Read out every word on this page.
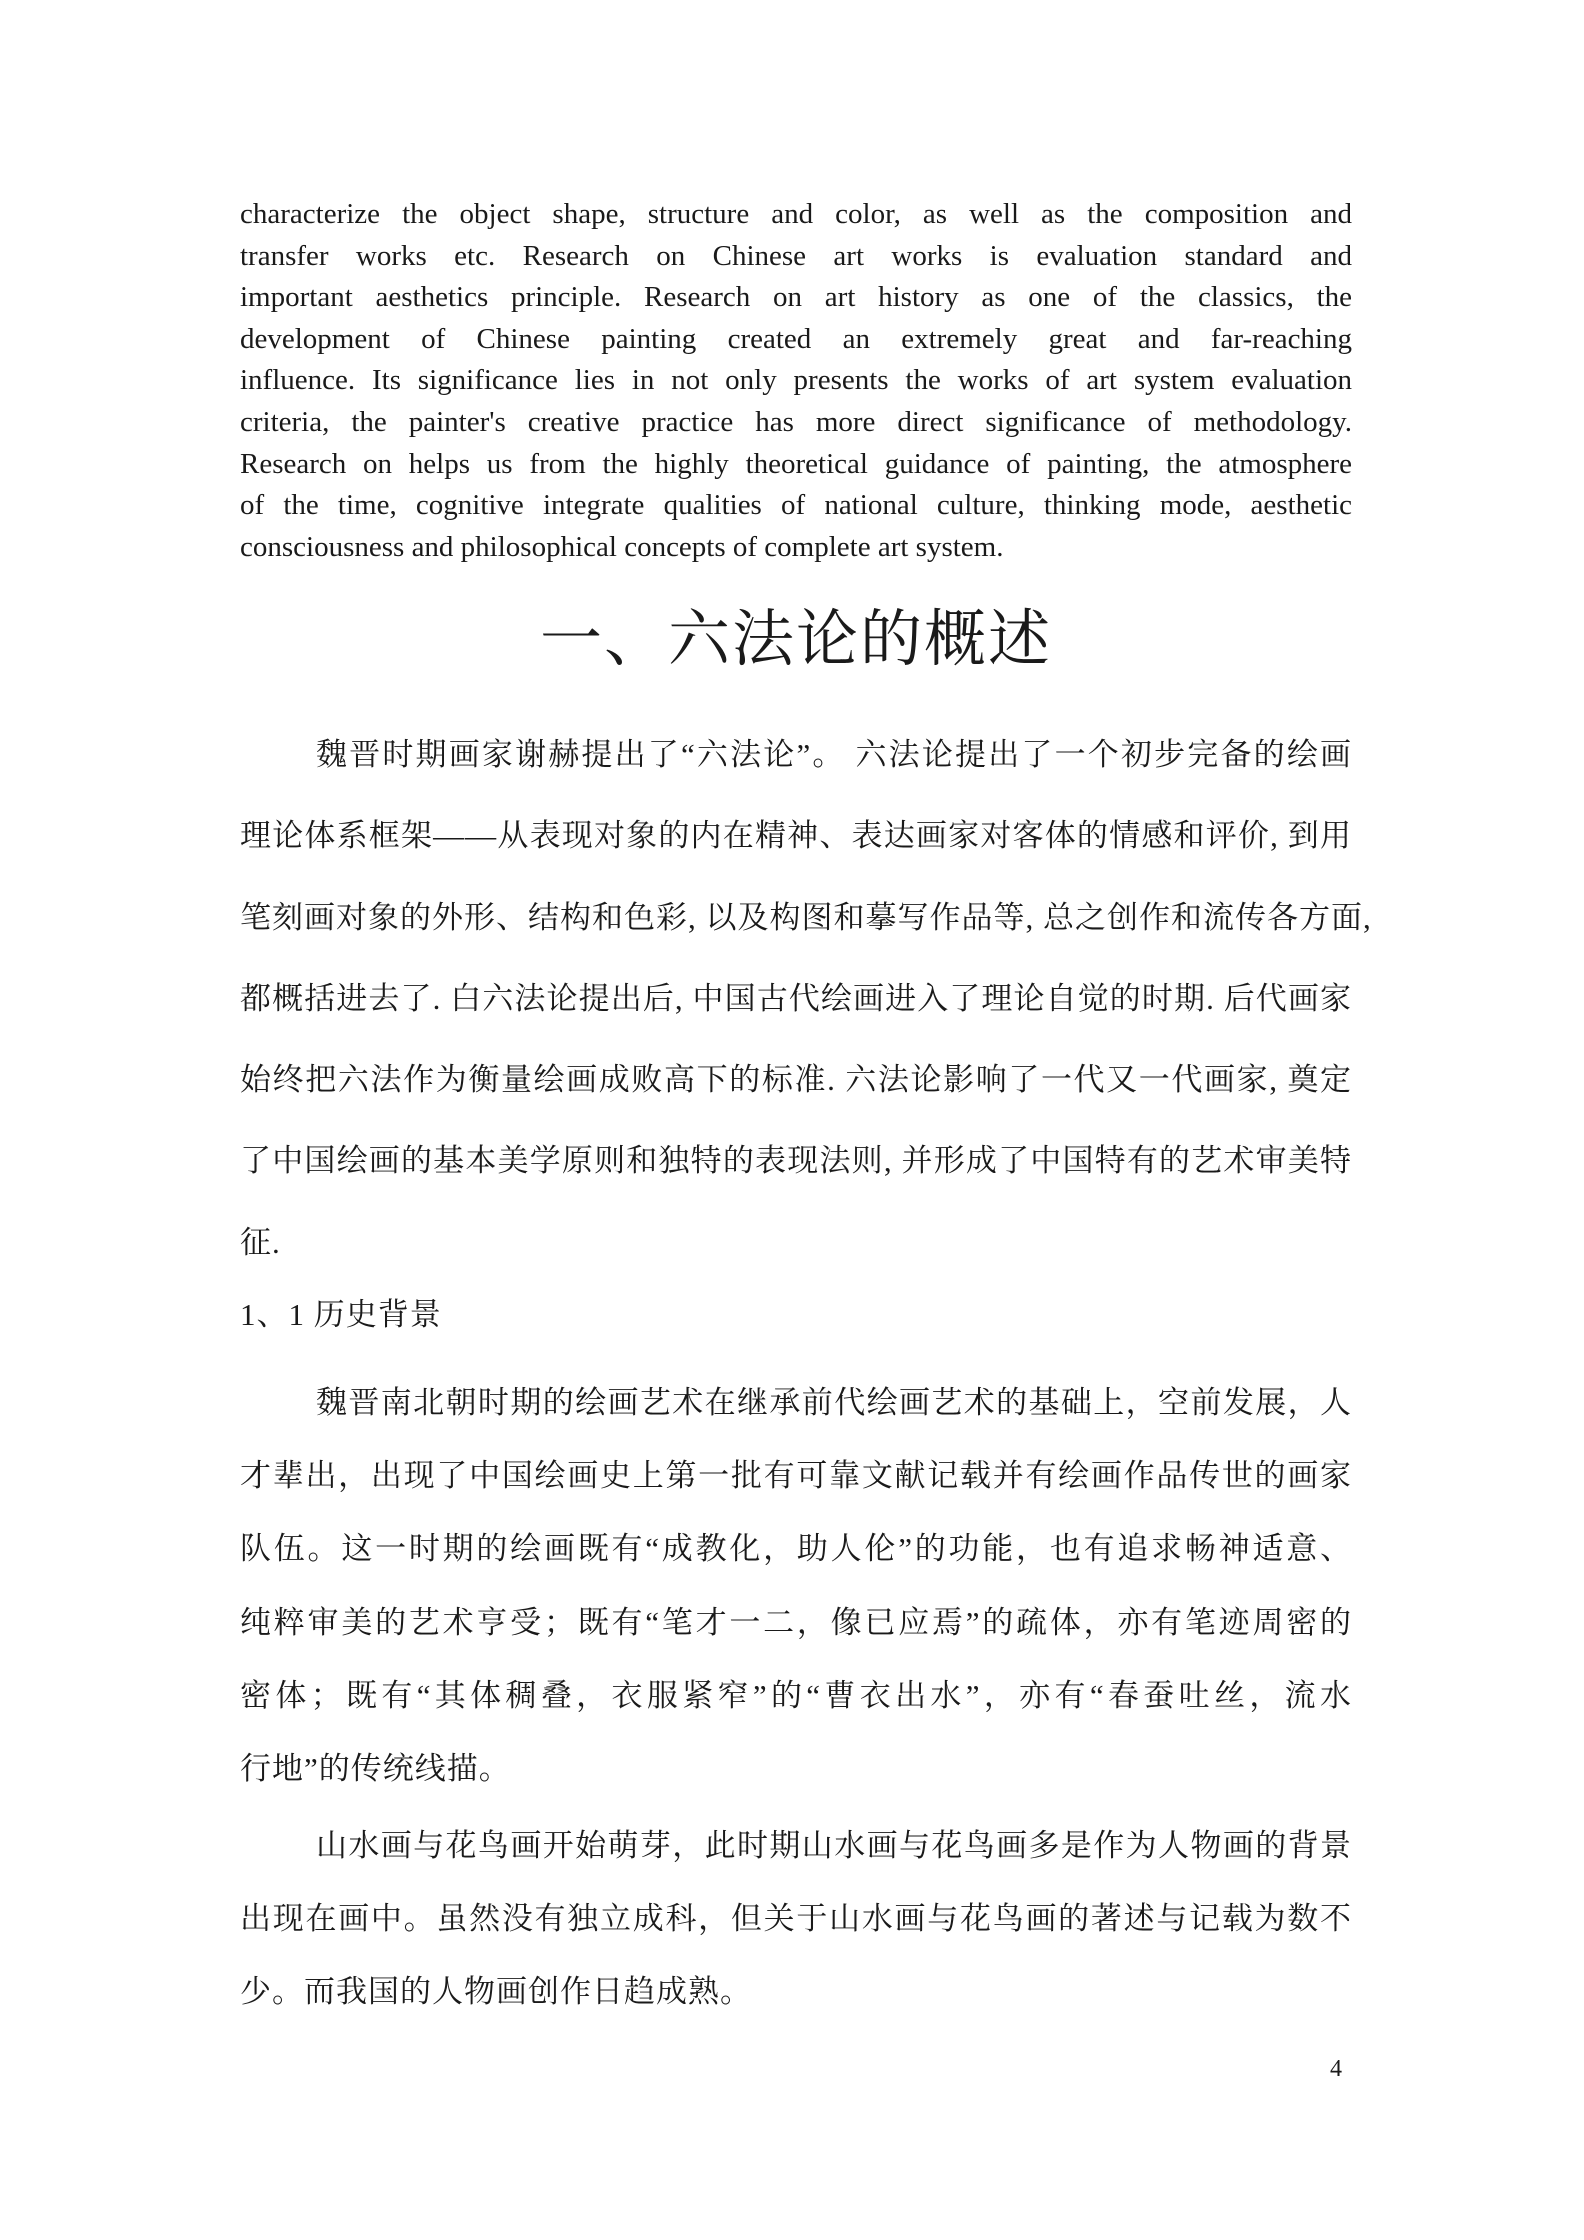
characterize the object shape, structure and color, as well as the composition and
transfer works etc. Research on Chinese art works is evaluation standard and
important aesthetics principle. Research on art history as one of the classics, the
development of Chinese painting created an extremely great and far-reaching
influence. Its significance lies in not only presents the works of art system evaluation
criteria, the painter's creative practice has more direct significance of methodology.
Research on helps us from the highly theoretical guidance of painting, the atmosphere
of the time, cognitive integrate qualities of national culture, thinking mode, aesthetic
consciousness and philosophical concepts of complete art system.

一、六法论的概述

魏晋时期画家谢赫提出了“六法论”。 六法论提出了一个初步完备的绘画
理论体系框架——从表现对象的内在精神、表达画家对客体的情感和评价, 到用
笔刻画对象的外形、结构和色彩, 以及构图和摹写作品等, 总之创作和流传各方面,
都概括进去了. 白六法论提出后, 中国古代绘画进入了理论自觉的时期. 后代画家
始终把六法作为衡量绘画成败高下的标准. 六法论影响了一代又一代画家, 奠定
了中国绘画的基本美学原则和独特的表现法则, 并形成了中国特有的艺术审美特
征.

1、1 历史背景

魏晋南北朝时期的绘画艺术在继承前代绘画艺术的基础上，空前发展，人
才辈出，出现了中国绘画史上第一批有可靠文献记载并有绘画作品传世的画家
队伍。这一时期的绘画既有“成教化，助人伦”的功能，也有追求畅神适意、
纯粹审美的艺术亨受；既有“笔才一二，像已应焉”的疏体，亦有笔迹周密的
密体；既有“其体稠叠，衣服紧窄”的“曹衣出水”，亦有“春蚕吐丝，流水
行地”的传统线描。

山水画与花鸟画开始萌芽，此时期山水画与花鸟画多是作为人物画的背景
出现在画中。虽然没有独立成科，但关于山水画与花鸟画的著述与记载为数不
少。而我国的人物画创作日趋成熟。

4
